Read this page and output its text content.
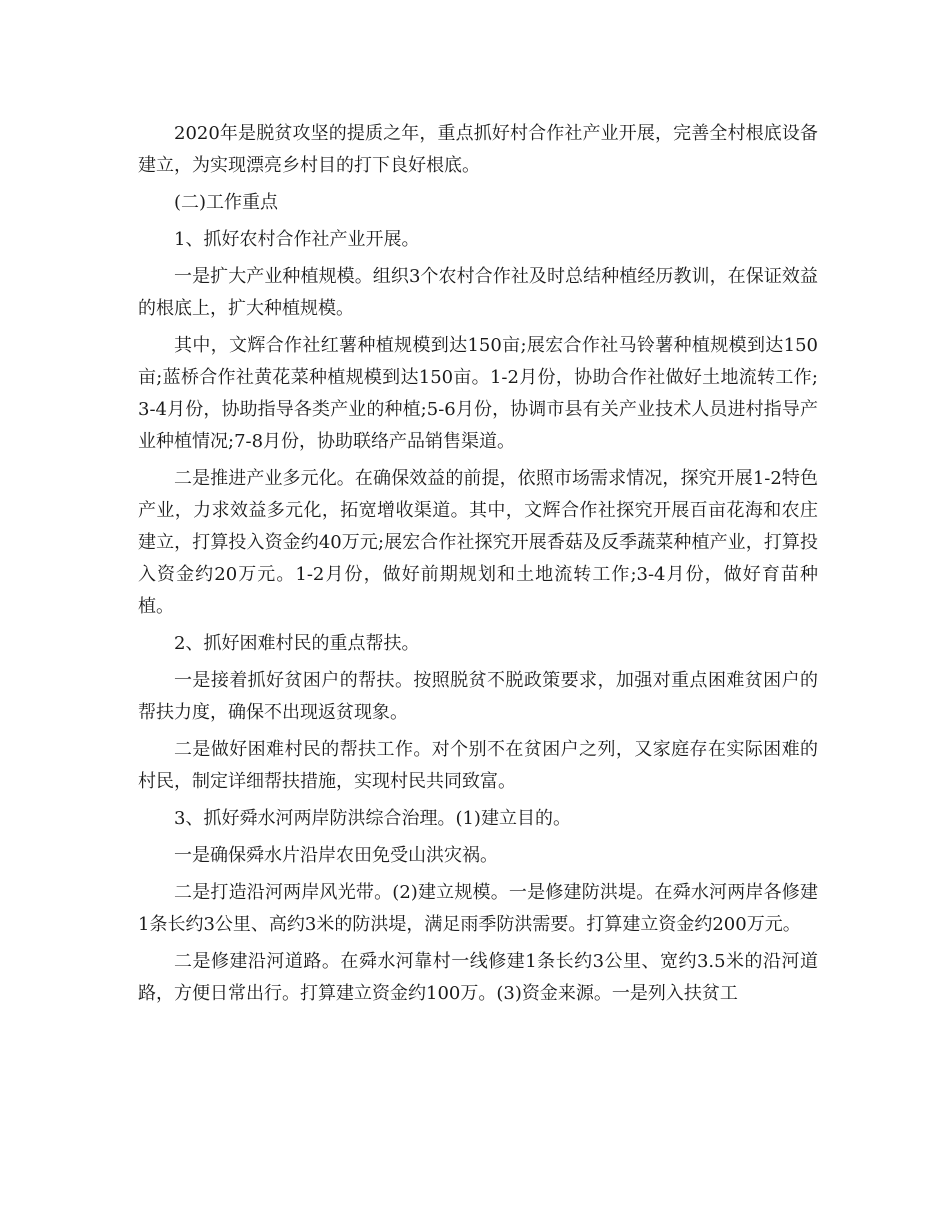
2020年是脱贫攻坚的提质之年，重点抓好村合作社产业开展，完善全村根底设备建立，为实现漂亮乡村目的打下良好根底。

(二)工作重点

1、抓好农村合作社产业开展。

一是扩大产业种植规模。组织3个农村合作社及时总结种植经历教训，在保证效益的根底上，扩大种植规模。

其中，文辉合作社红薯种植规模到达150亩;展宏合作社马铃薯种植规模到达150亩;蓝桥合作社黄花菜种植规模到达150亩。1-2月份，协助合作社做好土地流转工作;3-4月份，协助指导各类产业的种植;5-6月份，协调市县有关产业技术人员进村指导产业种植情况;7-8月份，协助联络产品销售渠道。

二是推进产业多元化。在确保效益的前提，依照市场需求情况，探究开展1-2特色产业，力求效益多元化，拓宽增收渠道。其中，文辉合作社探究开展百亩花海和农庄建立，打算投入资金约40万元;展宏合作社探究开展香菇及反季蔬菜种植产业，打算投入资金约20万元。1-2月份，做好前期规划和土地流转工作;3-4月份，做好育苗种植。

2、抓好困难村民的重点帮扶。

一是接着抓好贫困户的帮扶。按照脱贫不脱政策要求，加强对重点困难贫困户的帮扶力度，确保不出现返贫现象。

二是做好困难村民的帮扶工作。对个别不在贫困户之列，又家庭存在实际困难的村民，制定详细帮扶措施，实现村民共同致富。

3、抓好舜水河两岸防洪综合治理。(1)建立目的。

一是确保舜水片沿岸农田免受山洪灾祸。

二是打造沿河两岸风光带。(2)建立规模。一是修建防洪堤。在舜水河两岸各修建1条长约3公里、高约3米的防洪堤，满足雨季防洪需要。打算建立资金约200万元。

二是修建沿河道路。在舜水河靠村一线修建1条长约3公里、宽约3.5米的沿河道路，方便日常出行。打算建立资金约100万。(3)资金来源。一是列入扶贫工
